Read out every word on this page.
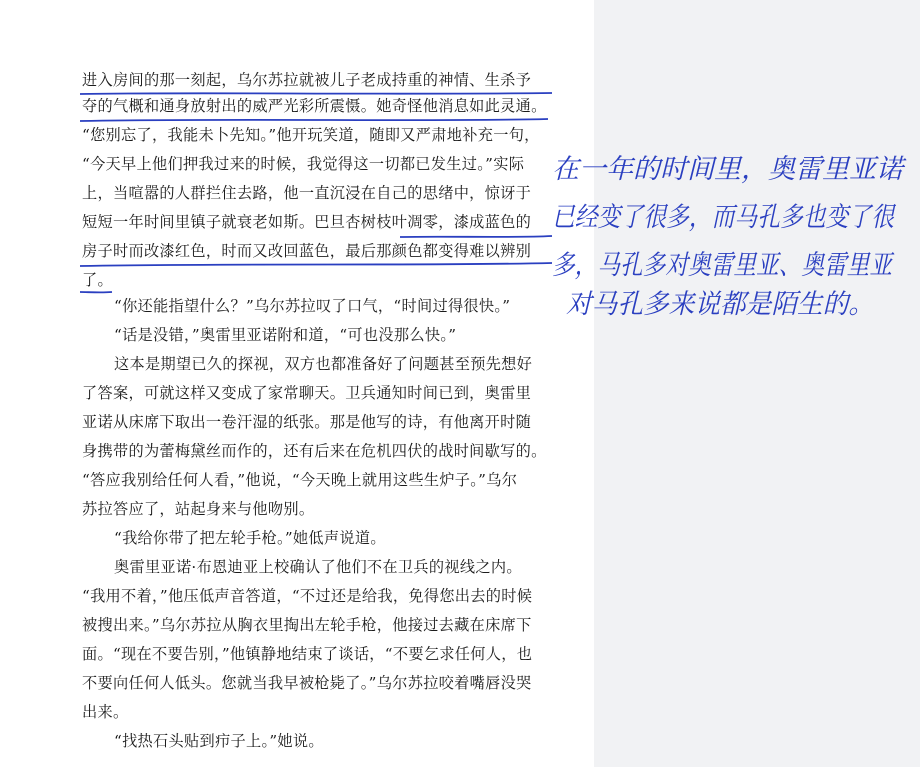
进入房间的那一刻起，乌尔苏拉就被儿子老成持重的神情、生杀予
夺的气概和通身放射出的威严光彩所震慑。她奇怪他消息如此灵通。
“您别忘了，我能未卜先知。”他开玩笑道，随即又严肃地补充一句，
“今天早上他们押我过来的时候，我觉得这一切都已发生过。”实际
上，当喧嚣的人群拦住去路，他一直沉浸在自己的思绪中，惊讶于
短短一年时间里镇子就衰老如斯。巴旦杏树枝叶凋零，漆成蓝色的
房子时而改漆红色，时而又改回蓝色，最后那颜色都变得难以辨别
了。
“你还能指望什么？”乌尔苏拉叹了口气，“时间过得很快。”
“话是没错，”奥雷里亚诺附和道，“可也没那么快。”
这本是期望已久的探视，双方也都准备好了问题甚至预先想好
了答案，可就这样又变成了家常聊天。卫兵通知时间已到，奥雷里
亚诺从床席下取出一卷汗湿的纸张。那是他写的诗，有他离开时随
身携带的为蕾梅黛丝而作的，还有后来在危机四伏的战时间歇写的。
“答应我别给任何人看，”他说，“今天晚上就用这些生炉子。”乌尔
苏拉答应了，站起身来与他吻别。
“我给你带了把左轮手枪。”她低声说道。
奥雷里亚诺·布恩迪亚上校确认了他们不在卫兵的视线之内。
“我用不着，”他压低声音答道，“不过还是给我，免得您出去的时候
被搜出来。”乌尔苏拉从胸衣里掏出左轮手枪，他接过去藏在床席下
面。“现在不要告别，”他镇静地结束了谈话，“不要乞求任何人，也
不要向任何人低头。您就当我早被枪毙了。”乌尔苏拉咬着嘴唇没哭
出来。
“找热石头贴到疖子上。”她说。
在一年的时间里，奥雷里亚诺
已经变了很多，而马孔多也变了很
多，马孔多对奥雷里亚、奥雷里亚
对马孔多来说都是陌生的。
